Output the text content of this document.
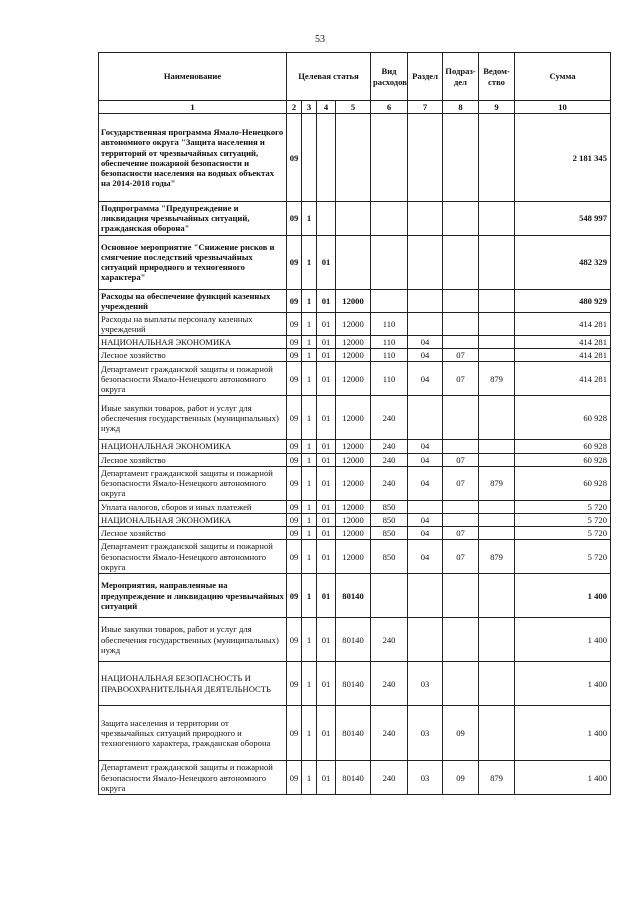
53
Наименование	Целевая статья				Вид расходов	Раздел	Подраз-дел	Ведом-ство	Сумма
1	2	3	4	5	6	7	8	9	10
Государственная программа Ямало-Ненецкого автономного округа "Защита населения и территорий от чрезвычайных ситуаций, обеспечение пожарной безопасности и безопасности населения на водных объектах на 2014-2018 годы"	09								2 181 345
Подпрограмма "Предупреждение и ликвидация чрезвычайных ситуаций, гражданская оборона"	09	1							548 997
Основное мероприятие "Снижение рисков и смягчение последствий чрезвычайных ситуаций природного и техногенного характера"	09	1	01						482 329
Расходы на обеспечение функций казенных учреждений	09	1	01	12000					480 929
Расходы на выплаты персоналу казенных учреждений	09	1	01	12000	110				414 281
НАЦИОНАЛЬНАЯ ЭКОНОМИКА	09	1	01	12000	110	04			414 281
Лесное хозяйство	09	1	01	12000	110	04	07		414 281
Департамент гражданской защиты и пожарной безопасности Ямало-Ненецкого автономного округа	09	1	01	12000	110	04	07	879	414 281
Иные закупки товаров, работ и услуг для обеспечения государственных (муниципальных) нужд	09	1	01	12000	240				60 928
НАЦИОНАЛЬНАЯ ЭКОНОМИКА	09	1	01	12000	240	04			60 928
Лесное хозяйство	09	1	01	12000	240	04	07		60 928
Департамент гражданской защиты и пожарной безопасности Ямало-Ненецкого автономного округа	09	1	01	12000	240	04	07	879	60 928
Уплата налогов, сборов и иных платежей	09	1	01	12000	850				5 720
НАЦИОНАЛЬНАЯ ЭКОНОМИКА	09	1	01	12000	850	04			5 720
Лесное хозяйство	09	1	01	12000	850	04	07		5 720
Департамент гражданской защиты и пожарной безопасности Ямало-Ненецкого автономного округа	09	1	01	12000	850	04	07	879	5 720
Мероприятия, направленные на предупреждение и ликвидацию чрезвычайных ситуаций	09	1	01	80140					1 400
Иные закупки товаров, работ и услуг для обеспечения государственных (муниципальных) нужд	09	1	01	80140	240				1 400
НАЦИОНАЛЬНАЯ БЕЗОПАСНОСТЬ И ПРАВООХРАНИТЕЛЬНАЯ ДЕЯТЕЛЬНОСТЬ	09	1	01	80140	240	03			1 400
Защита населения и территории от чрезвычайных ситуаций природного и техногенного характера, гражданская оборона	09	1	01	80140	240	03	09		1 400
Департамент гражданской защиты и пожарной безопасности Ямало-Ненецкого автономного округа	09	1	01	80140	240	03	09	879	1 400
